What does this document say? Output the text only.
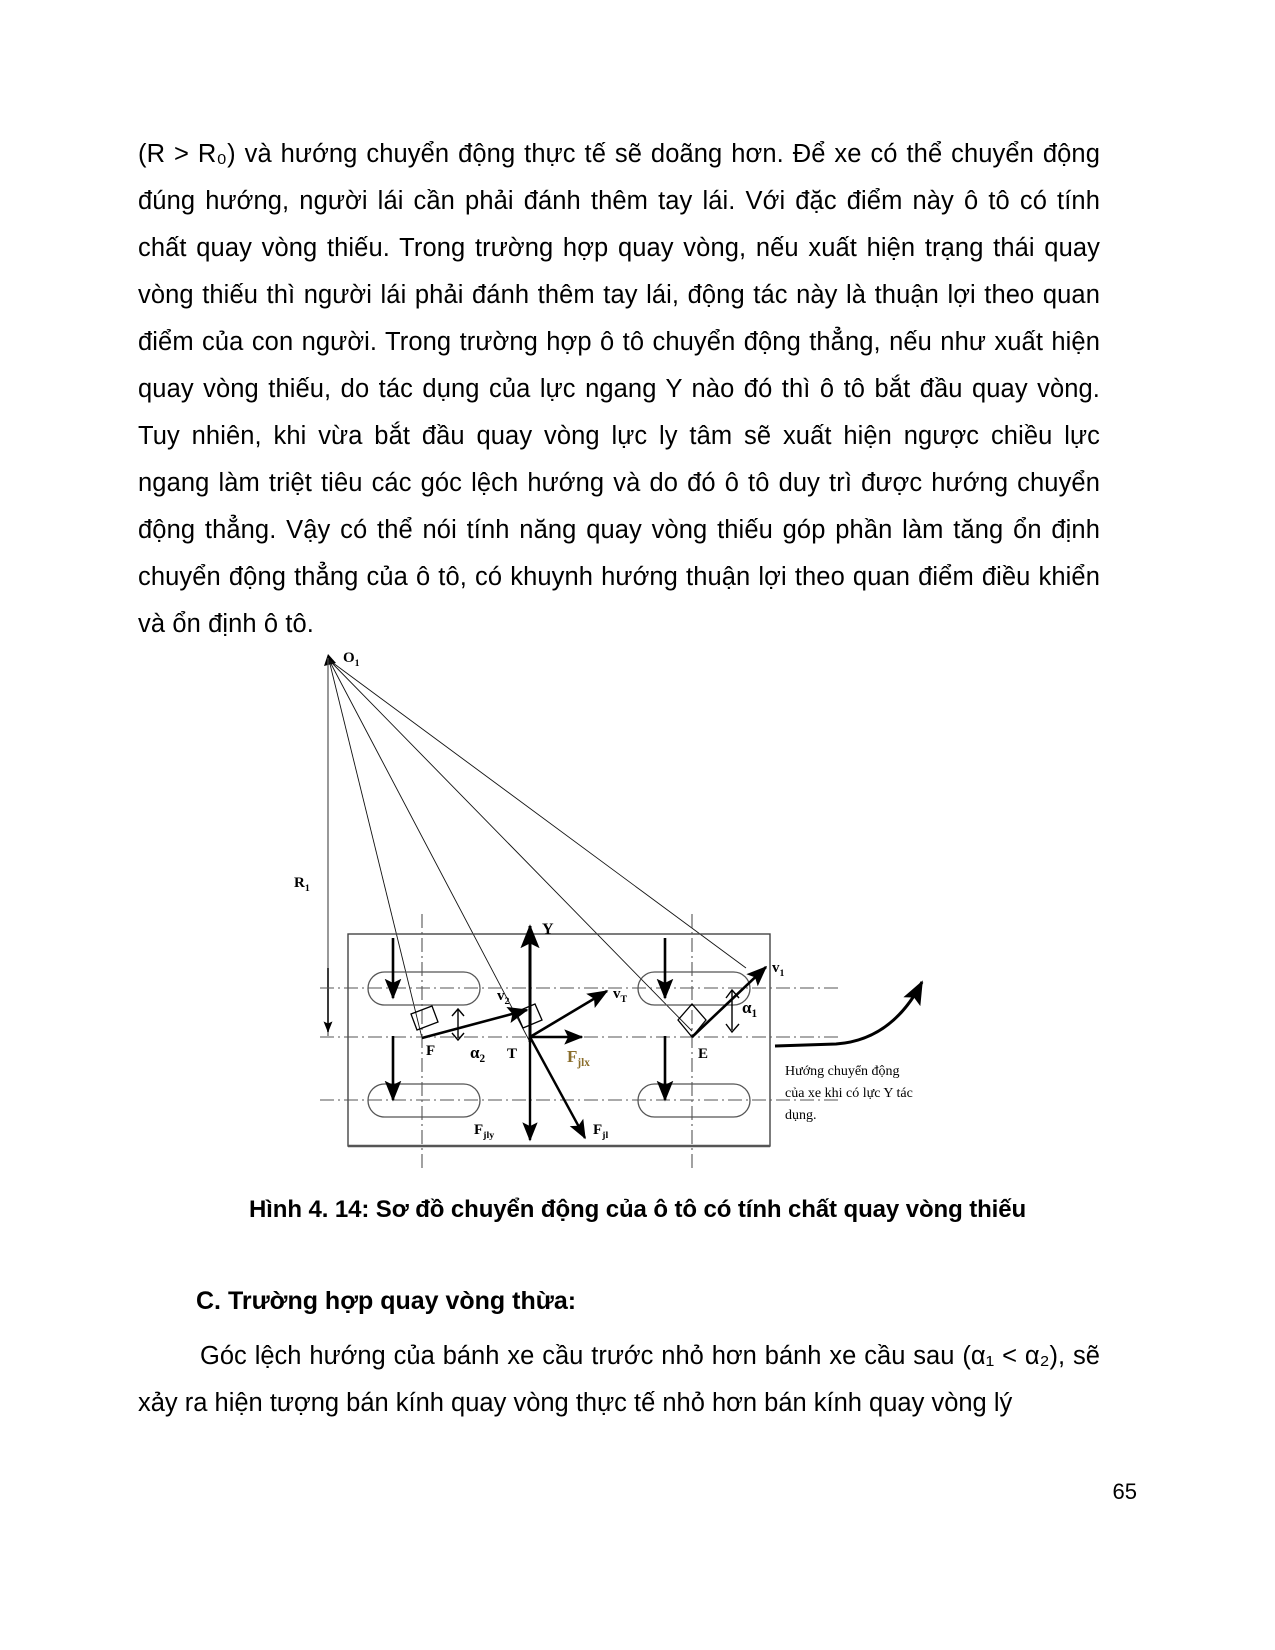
(R > R₀) và hướng chuyển động thực tế sẽ doãng hơn. Để xe có thể chuyển động đúng hướng, người lái cần phải đánh thêm tay lái. Với đặc điểm này ô tô có tính chất quay vòng thiếu. Trong trường hợp quay vòng, nếu xuất hiện trạng thái quay vòng thiếu thì người lái phải đánh thêm tay lái, động tác này là thuận lợi theo quan điểm của con người. Trong trường hợp ô tô chuyển động thẳng, nếu như xuất hiện quay vòng thiếu, do tác dụng của lực ngang Y nào đó thì ô tô bắt đầu quay vòng. Tuy nhiên, khi vừa bắt đầu quay vòng lực ly tâm sẽ xuất hiện ngược chiều lực ngang làm triệt tiêu các góc lệch hướng và do đó ô tô duy trì được hướng chuyển động thẳng. Vậy có thể nói tính năng quay vòng thiếu góp phần làm tăng ổn định chuyển động thẳng của ô tô, có khuynh hướng thuận lợi theo quan điểm điều khiển và ổn định ô tô.

$O_1$
$R_1$
Y
F
$v_2$
$\alpha_2$ T
$v_T$
$F_{jlx}$
$F_{jly}$	$F_{jl}$
E
$v_1$
$\alpha_1$
Hướng chuyển động
của xe khi có lực Y tác
dụng.
Hình 4. 14: Sơ đồ chuyển động của ô tô có tính chất quay vòng thiếu
C. Trường hợp quay vòng thừa:

Góc lệch hướng của bánh xe cầu trước nhỏ hơn bánh xe cầu sau (α₁ < α₂), sẽ xảy ra hiện tượng bán kính quay vòng thực tế nhỏ hơn bán kính quay vòng lý

65
